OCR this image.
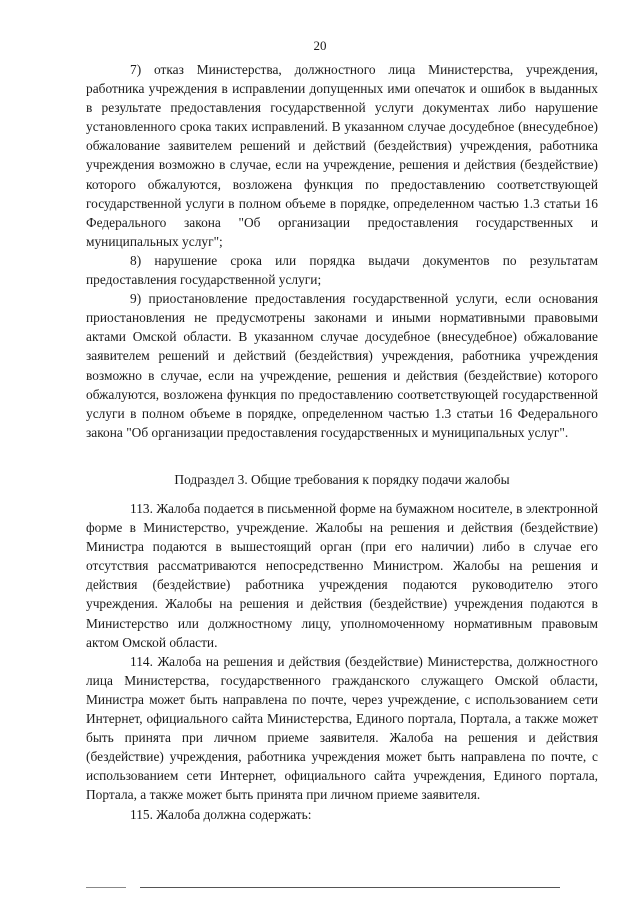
20

7) отказ Министерства, должностного лица Министерства, учреждения, работника учреждения в исправлении допущенных ими опечаток и ошибок в выданных в результате предоставления государственной услуги документах либо нарушение установленного срока таких исправлений. В указанном случае досудебное (внесудебное) обжалование заявителем решений и действий (бездействия) учреждения, работника учреждения возможно в случае, если на учреждение, решения и действия (бездействие) которого обжалуются, возложена функция по предоставлению соответствующей государственной услуги в полном объеме в порядке, определенном частью 1.3 статьи 16 Федерального закона "Об организации предоставления государственных и муниципальных услуг";

8) нарушение срока или порядка выдачи документов по результатам предоставления государственной услуги;

9) приостановление предоставления государственной услуги, если основания приостановления не предусмотрены законами и иными нормативными правовыми актами Омской области. В указанном случае досудебное (внесудебное) обжалование заявителем решений и действий (бездействия) учреждения, работника учреждения возможно в случае, если на учреждение, решения и действия (бездействие) которого обжалуются, возложена функция по предоставлению соответствующей государственной услуги в полном объеме в порядке, определенном частью 1.3 статьи 16 Федерального закона "Об организации предоставления государственных и муниципальных услуг".

Подраздел 3. Общие требования к порядку подачи жалобы

113. Жалоба подается в письменной форме на бумажном носителе, в электронной форме в Министерство, учреждение. Жалобы на решения и действия (бездействие) Министра подаются в вышестоящий орган (при его наличии) либо в случае его отсутствия рассматриваются непосредственно Министром. Жалобы на решения и действия (бездействие) работника учреждения подаются руководителю этого учреждения. Жалобы на решения и действия (бездействие) учреждения подаются в Министерство или должностному лицу, уполномоченному нормативным правовым актом Омской области.

114. Жалоба на решения и действия (бездействие) Министерства, должностного лица Министерства, государственного гражданского служащего Омской области, Министра может быть направлена по почте, через учреждение, с использованием сети Интернет, официального сайта Министерства, Единого портала, Портала, а также может быть принята при личном приеме заявителя. Жалоба на решения и действия (бездействие) учреждения, работника учреждения может быть направлена по почте, с использованием сети Интернет, официального сайта учреждения, Единого портала, Портала, а также может быть принята при личном приеме заявителя.

115. Жалоба должна содержать:
